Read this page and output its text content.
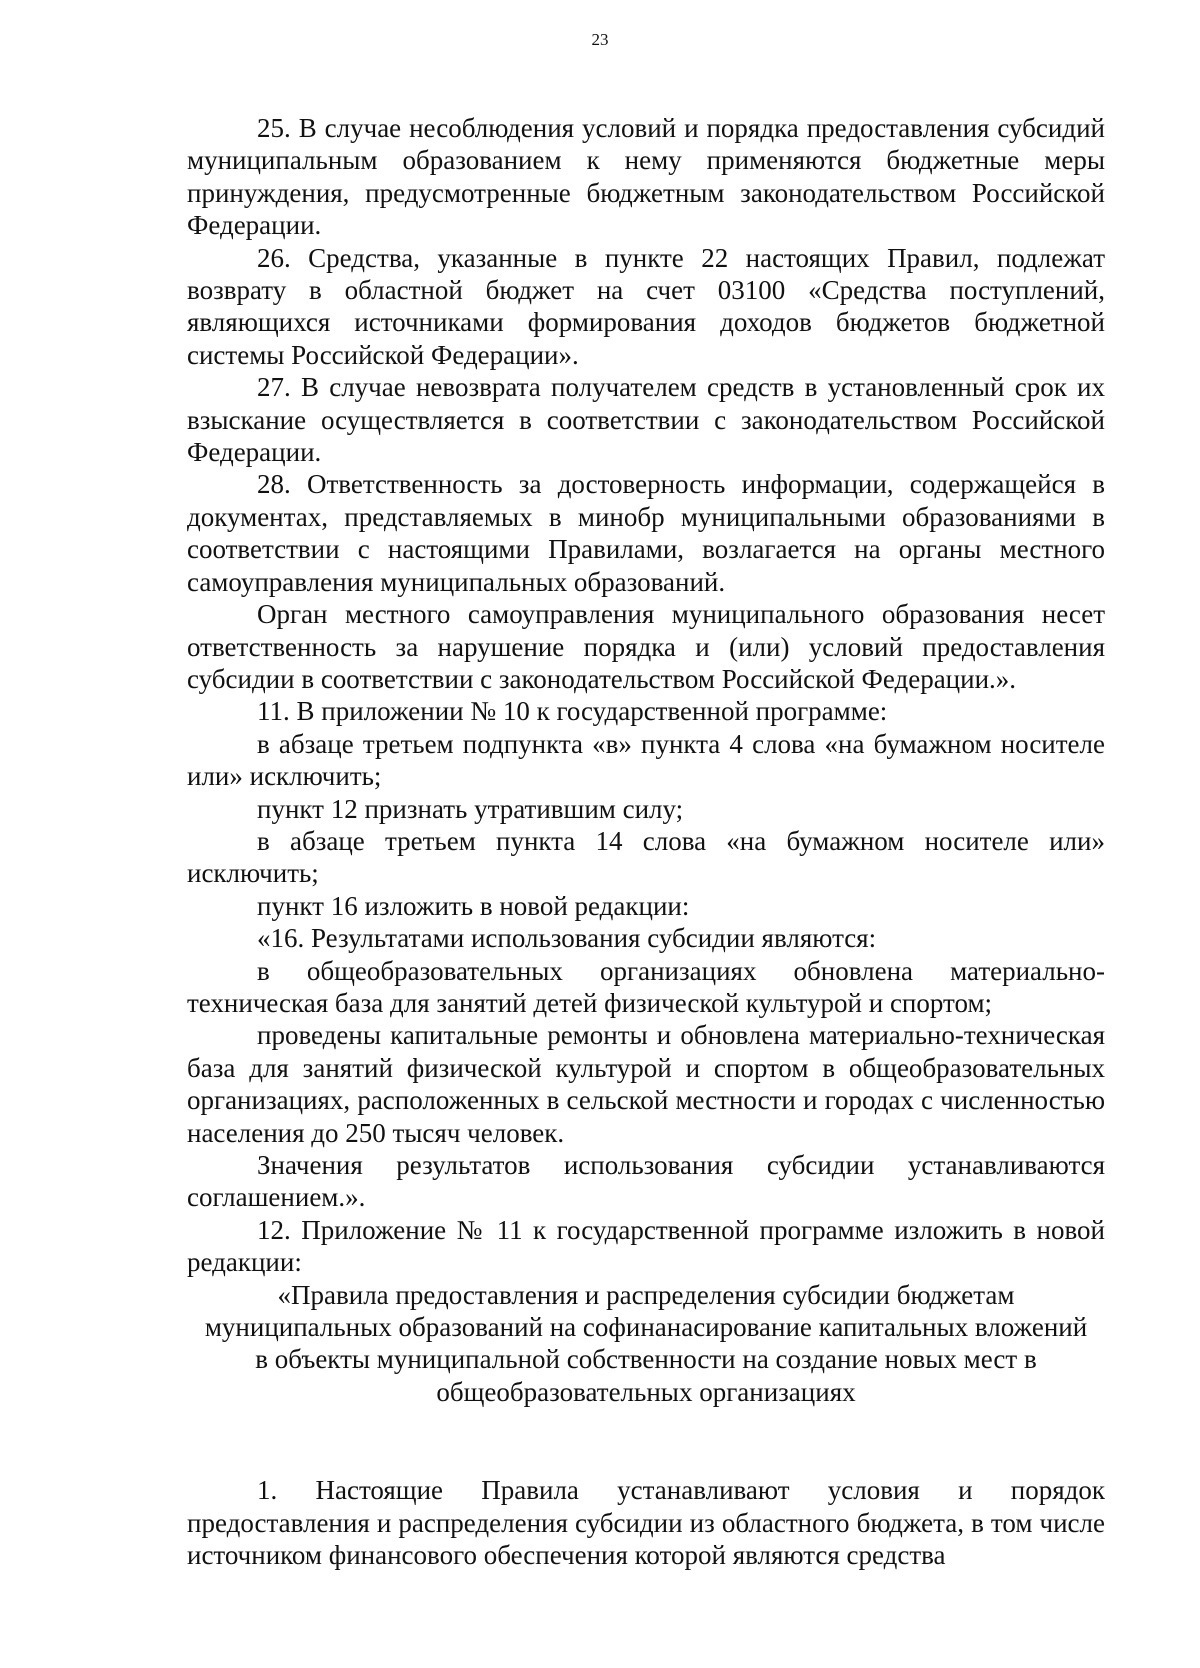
23

25. В случае несоблюдения условий и порядка предоставления субсидий муниципальным образованием к нему применяются бюджетные меры принуждения, предусмотренные бюджетным законодательством Российской Федерации.

26. Средства, указанные в пункте 22 настоящих Правил, подлежат возврату в областной бюджет на счет 03100 «Средства поступлений, являющихся источниками формирования доходов бюджетов бюджетной системы Российской Федерации».

27. В случае невозврата получателем средств в установленный срок их взыскание осуществляется в соответствии с законодательством Российской Федерации.

28. Ответственность за достоверность информации, содержащейся в документах, представляемых в минобр муниципальными образованиями в соответствии с настоящими Правилами, возлагается на органы местного самоуправления муниципальных образований.

Орган местного самоуправления муниципального образования несет ответственность за нарушение порядка и (или) условий предоставления субсидии в соответствии с законодательством Российской Федерации.».

11. В приложении № 10 к государственной программе:

в абзаце третьем подпункта «в» пункта 4 слова «на бумажном носителе или» исключить;

пункт 12 признать утратившим силу;

в абзаце третьем пункта 14 слова «на бумажном носителе или» исключить;

пункт 16 изложить в новой редакции:

«16. Результатами использования субсидии являются:

в общеобразовательных организациях обновлена материально-техническая база для занятий детей физической культурой и спортом;

проведены капитальные ремонты и обновлена материально-техническая база для занятий физической культурой и спортом в общеобразовательных организациях, расположенных в сельской местности и городах с численностью населения до 250 тысяч человек.

Значения результатов использования субсидии устанавливаются соглашением.».

12. Приложение № 11 к государственной программе изложить в новой редакции:

«Правила предоставления и распределения субсидии бюджетам

муниципальных образований на софинанасирование капитальных вложений

в объекты муниципальной собственности на создание новых мест в

общеобразовательных организациях

1. Настоящие Правила устанавливают условия и порядок предоставления и распределения субсидии из областного бюджета, в том числе источником финансового обеспечения которой являются средства
